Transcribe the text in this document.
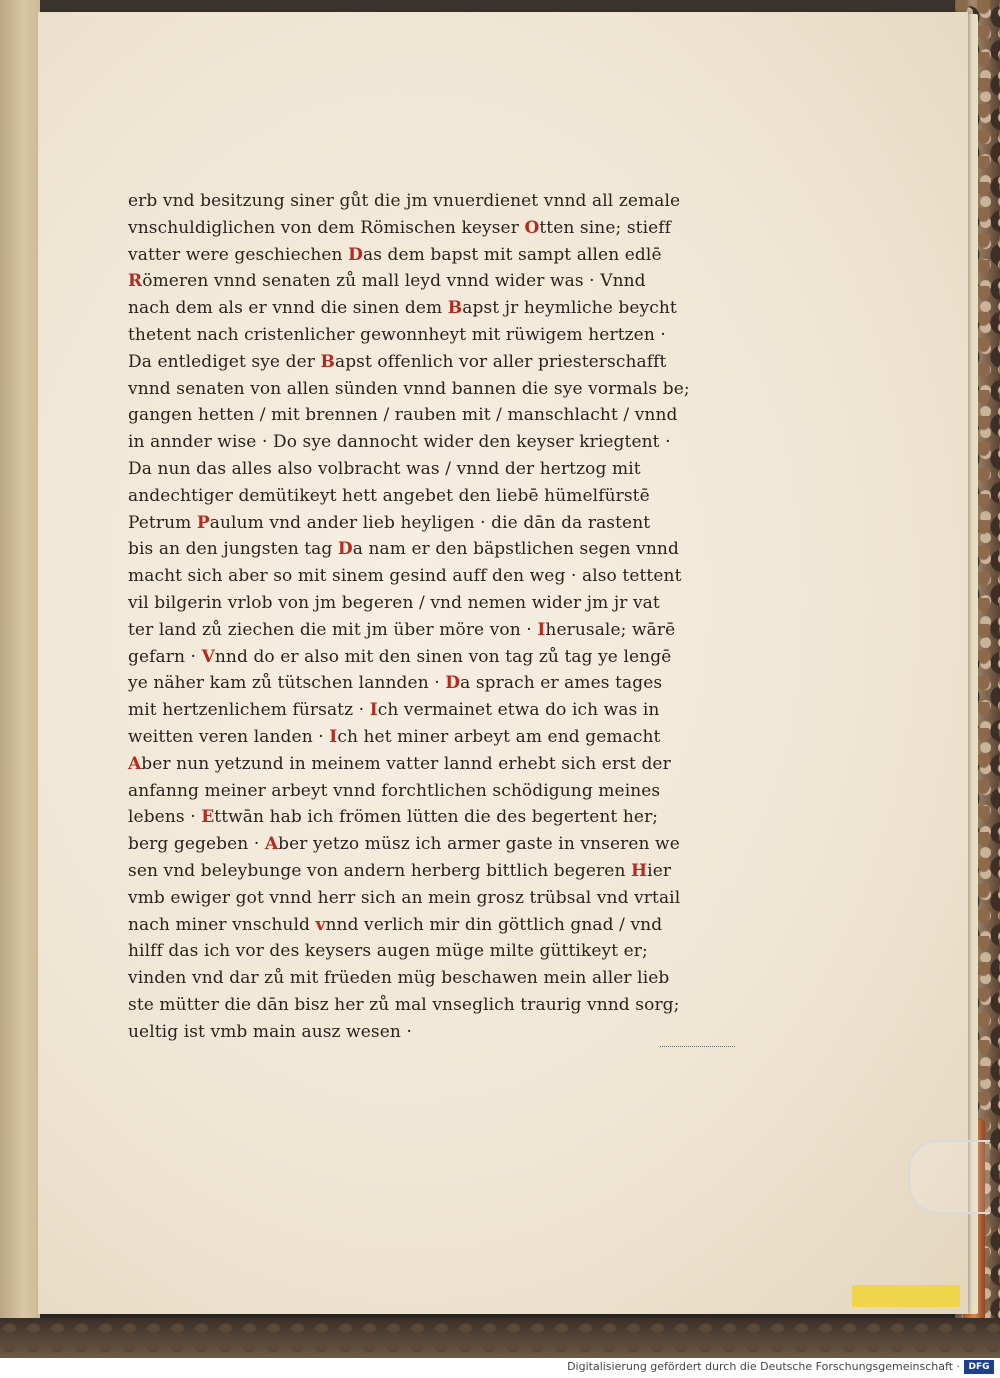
erb vnd besitzung siner gůt die jm vnuerdienet vnnd all zemale
vnschuldiglichen von dem Römischen keyser Otten sine; stieff
vatter were geschiechen Das dem bapst mit sampt allen edlē
Römeren vnnd senaten zů mall leyd vnnd wider was · Vnnd
nach dem als er vnnd die sinen dem Bapst jr heymliche beycht
thetent nach cristenlicher gewonnheyt mit rüwigem hertzen ·
Da entlediget sye der Bapst offenlich vor aller priesterschafft
vnnd senaten von allen sünden vnnd bannen die sye vormals be;
gangen hetten / mit brennen / rauben mit / manschlacht / vnnd
in annder wise · Do sye dannocht wider den keyser kriegtent ·
Da nun das alles also volbracht was / vnnd der hertzog mit
andechtiger demütikeyt hett angebet den liebē hümelfürstē
Petrum Paulum vnd ander lieb heyligen · die dān da rastent
bis an den jungsten tag Da nam er den bäpstlichen segen vnnd
macht sich aber so mit sinem gesind auff den weg · also tettent
vil bilgerin vrlob von jm begeren / vnd nemen wider jm jr vat
ter land zů ziechen die mit jm über möre von · Iherusale; wārē
gefarn · Vnnd do er also mit den sinen von tag zů tag ye lengē
ye näher kam zů tütschen lannden · Da sprach er ames tages
mit hertzenlichem fürsatz · Ich vermainet etwa do ich was in
weitten veren landen · Ich het miner arbeyt am end gemacht
Aber nun yetzund in meinem vatter lannd erhebt sich erst der
anfanng meiner arbeyt vnnd forchtlichen schödigung meines
lebens · Ettwān hab ich frömen lütten die des begertent her;
berg gegeben · Aber yetzo müsz ich armer gaste in vnseren we
sen vnd beleybunge von andern herberg bittlich begeren Hier
vmb ewiger got vnnd herr sich an mein grosz trübsal vnd vrtail
nach miner vnschuld vnnd verlich mir din göttlich gnad / vnd
hilff das ich vor des keysers augen müge milte güttikeyt er;
vinden vnd dar zů mit früeden müg beschawen mein aller lieb
ste mütter die dān bisz her zů mal vnseglich traurig vnnd sorg;
ueltig ist vmb main ausz wesen ·
Digitalisierung gefördert durch die Deutsche Forschungsgemeinschaft · DFG
